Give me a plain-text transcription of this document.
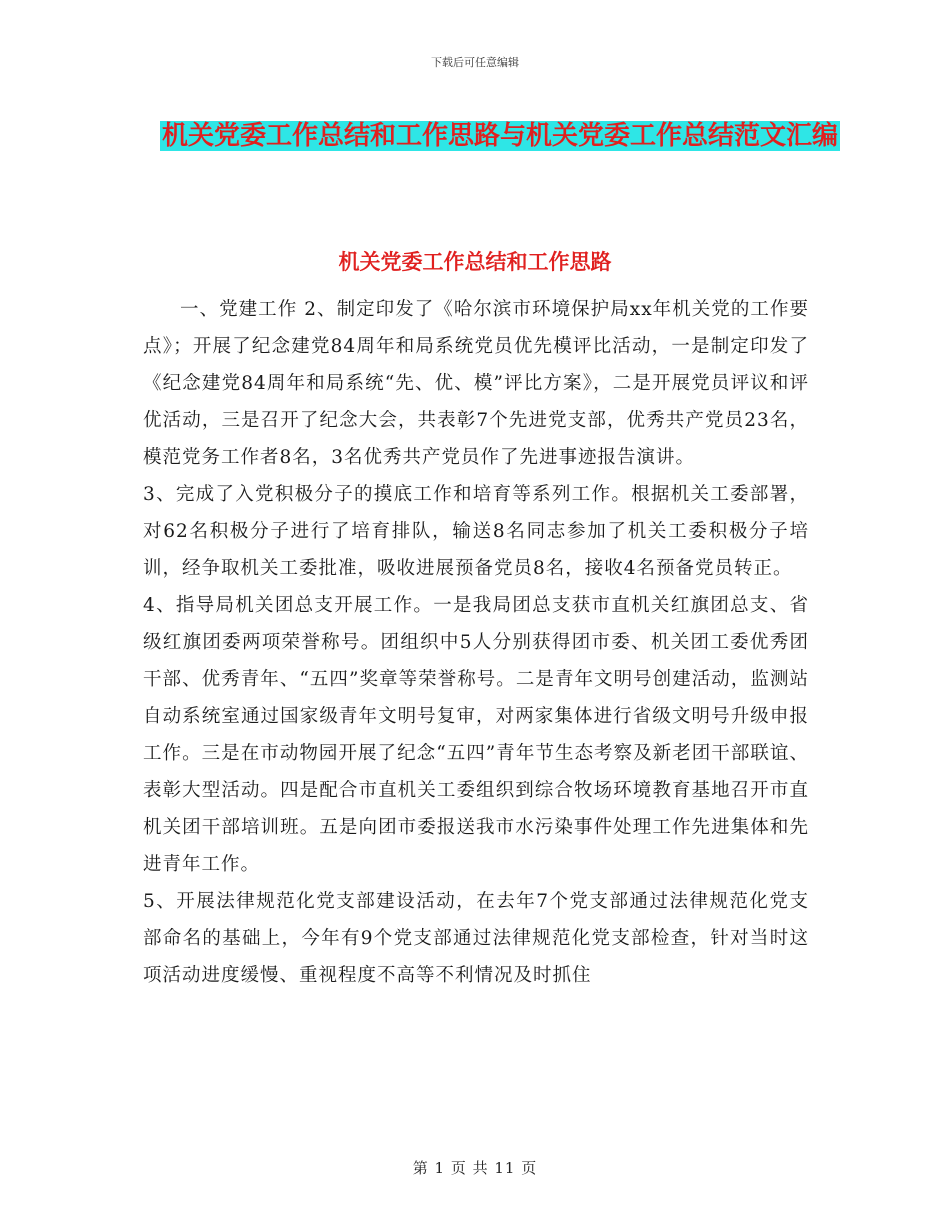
下载后可任意编辑
机关党委工作总结和工作思路与机关党委工作总结范文汇编
机关党委工作总结和工作思路

一、党建工作 2、制定印发了《哈尔滨市环境保护局xx年机关党的工作要点》；开展了纪念建党84周年和局系统党员优先模评比活动，一是制定印发了《纪念建党84周年和局系统“先、优、模”评比方案》，二是开展党员评议和评优活动，三是召开了纪念大会，共表彰7个先进党支部，优秀共产党员23名，模范党务工作者8名，3名优秀共产党员作了先进事迹报告演讲。

3、完成了入党积极分子的摸底工作和培育等系列工作。根据机关工委部署，对62名积极分子进行了培育排队，输送8名同志参加了机关工委积极分子培训，经争取机关工委批准，吸收进展预备党员8名，接收4名预备党员转正。

4、指导局机关团总支开展工作。一是我局团总支获市直机关红旗团总支、省级红旗团委两项荣誉称号。团组织中5人分别获得团市委、机关团工委优秀团干部、优秀青年、“五四”奖章等荣誉称号。二是青年文明号创建活动，监测站自动系统室通过国家级青年文明号复审，对两家集体进行省级文明号升级申报工作。三是在市动物园开展了纪念“五四”青年节生态考察及新老团干部联谊、表彰大型活动。四是配合市直机关工委组织到综合牧场环境教育基地召开市直机关团干部培训班。五是向团市委报送我市水污染事件处理工作先进集体和先进青年工作。

5、开展法律规范化党支部建设活动，在去年7个党支部通过法律规范化党支部命名的基础上，今年有9个党支部通过法律规范化党支部检查，针对当时这项活动进度缓慢、重视程度不高等不利情况及时抓住

第 1 页 共 11 页
